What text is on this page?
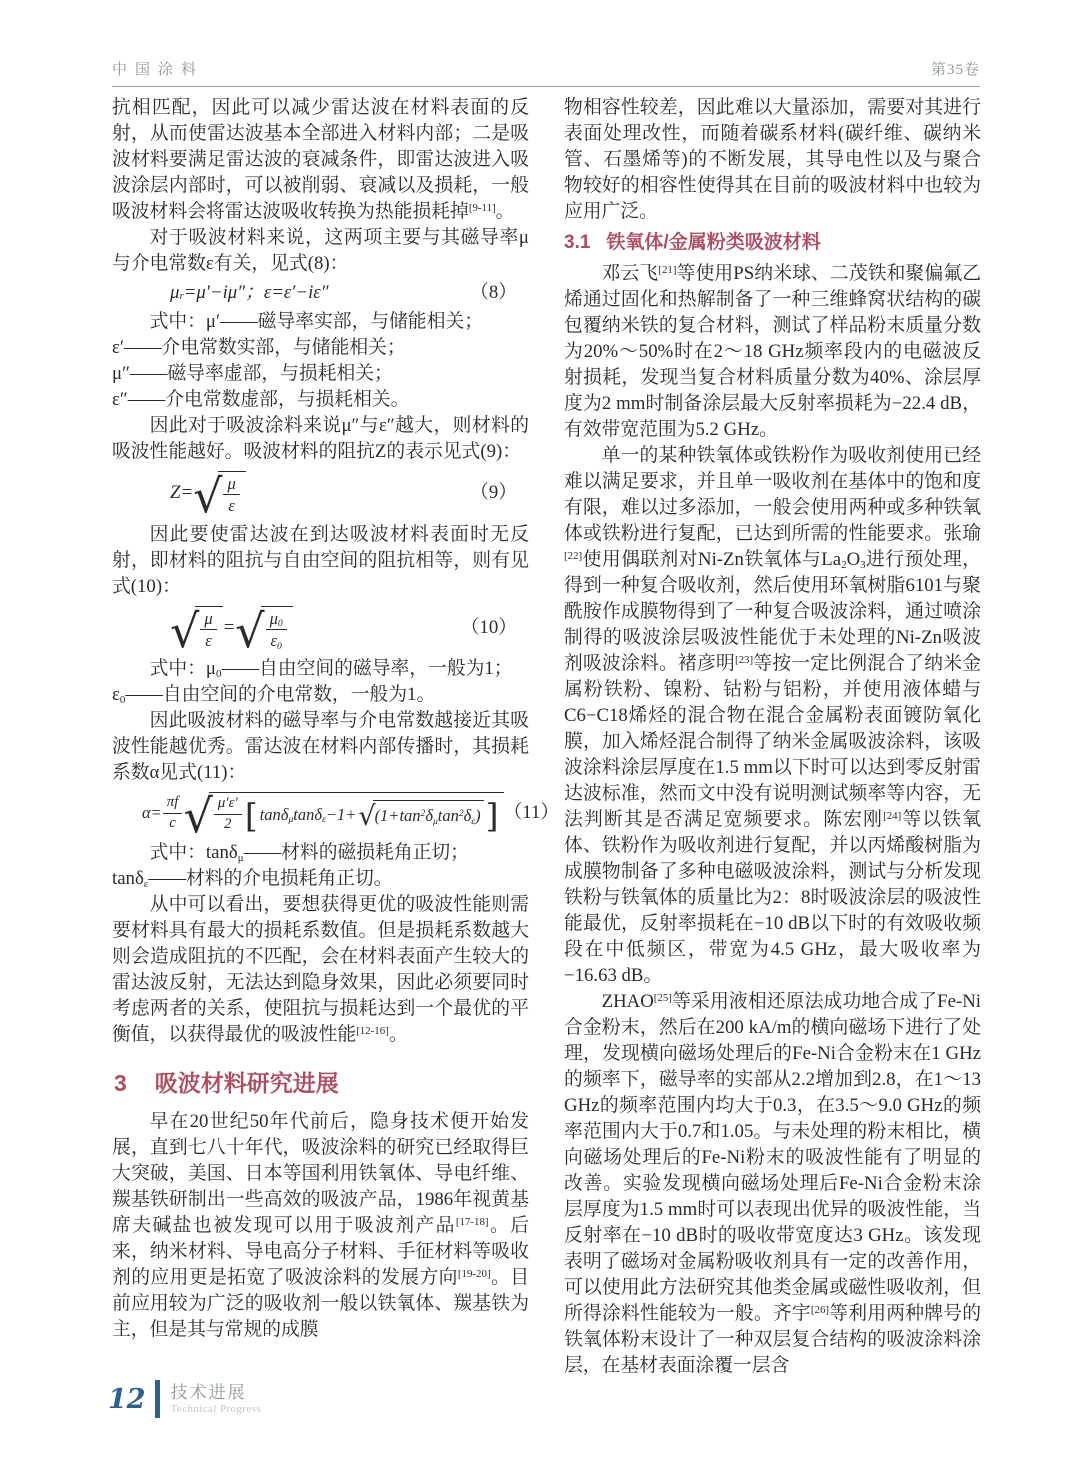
中国涂料	第35卷

抗相匹配，因此可以减少雷达波在材料表面的反射，从而使雷达波基本全部进入材料内部；二是吸波材料要满足雷达波的衰减条件，即雷达波进入吸波涂层内部时，可以被削弱、衰减以及损耗，一般吸波材料会将雷达波吸收转换为热能损耗掉[9-11]。

对于吸波材料来说，这两项主要与其磁导率μ与介电常数ε有关，见式(8)：

$\mu_r =\mu'-i\mu''$；ε=ε′−iε″	（8）

式中：μ′——磁导率实部，与储能相关；

ε′——介电常数实部，与储能相关；

μ″——磁导率虚部，与损耗相关；

ε″——介电常数虚部，与损耗相关。

因此对于吸波涂料来说μ″与ε″越大，则材料的吸波性能越好。吸波材料的阻抗Z的表示见式(9)：

Z= √ $\frac{\mu}{\varepsilon}$	（9）

因此要使雷达波在到达吸波材料表面时无反射，即材料的阻抗与自由空间的阻抗相等，则有见式(10)：

√ $\frac{\mu}{\varepsilon}$ = √ $\frac{\mu_0}{\varepsilon_0}$	（10）

式中：$\mu_0——$自由空间的磁导率，一般为1；

$\varepsilon_0——$自由空间的介电常数，一般为1。

因此吸波材料的磁导率与介电常数越接近其吸波性能越优秀。雷达波在材料内部传播时，其损耗系数α见式(11)：

$\alpha= \frac{\pi f}{c}$ √ $\frac{\mu'\varepsilon'}{2}$ [ tanδ$_\mu$tanδ$_\varepsilon$−1+ √ $(1+\tan^2\delta_\mu\tan^2\delta_\varepsilon)$ ] （11）

式中：tanδ$_\mu$——材料的磁损耗角正切；

tanδ$_\varepsilon$——材料的介电损耗角正切。

从中可以看出，要想获得更优的吸波性能则需要材料具有最大的损耗系数值。但是损耗系数越大则会造成阻抗的不匹配，会在材料表面产生较大的雷达波反射，无法达到隐身效果，因此必须要同时考虑两者的关系，使阻抗与损耗达到一个最优的平衡值，以获得最优的吸波性能[12-16]。

3 吸波材料研究进展

早在20世纪50年代前后，隐身技术便开始发展，直到七八十年代，吸波涂料的研究已经取得巨大突破，美国、日本等国利用铁氧体、导电纤维、羰基铁研制出一些高效的吸波产品，1986年视黄基席夫碱盐也被发现可以用于吸波剂产品[17-18]。后来，纳米材料、导电高分子材料、手征材料等吸收剂的应用更是拓宽了吸波涂料的发展方向[19-20]。目前应用较为广泛的吸收剂一般以铁氧体、羰基铁为主，但是其与常规的成膜

物相容性较差，因此难以大量添加，需要对其进行表面处理改性，而随着碳系材料(碳纤维、碳纳米管、石墨烯等)的不断发展，其导电性以及与聚合物较好的相容性使得其在目前的吸波材料中也较为应用广泛。

3.1 铁氧体/金属粉类吸波材料

邓云飞[21]等使用PS纳米球、二茂铁和聚偏氟乙烯通过固化和热解制备了一种三维蜂窝状结构的碳包覆纳米铁的复合材料，测试了样品粉末质量分数为20%～50%时在2～18 GHz频率段内的电磁波反射损耗，发现当复合材料质量分数为40%、涂层厚度为2 mm时制备涂层最大反射率损耗为−22.4 dB，有效带宽范围为5.2 GHz。

单一的某种铁氧体或铁粉作为吸收剂使用已经难以满足要求，并且单一吸收剂在基体中的饱和度有限，难以过多添加，一般会使用两种或多种铁氧体或铁粉进行复配，已达到所需的性能要求。张瑜[22]使用偶联剂对Ni-Zn铁氧体与$La_2O_3$进行预处理，得到一种复合吸收剂，然后使用环氧树脂6101与聚酰胺作成膜物得到了一种复合吸波涂料，通过喷涂制得的吸波涂层吸波性能优于未处理的Ni-Zn吸波剂吸波涂料。褚彦明[23]等按一定比例混合了纳米金属粉铁粉、镍粉、钴粉与铝粉，并使用液体蜡与C6−C18烯烃的混合物在混合金属粉表面镀防氧化膜，加入烯烃混合制得了纳米金属吸波涂料，该吸波涂料涂层厚度在1.5 mm以下时可以达到零反射雷达波标准，然而文中没有说明测试频率等内容，无法判断其是否满足宽频要求。陈宏刚[24]等以铁氧体、铁粉作为吸收剂进行复配，并以丙烯酸树脂为成膜物制备了多种电磁吸波涂料，测试与分析发现铁粉与铁氧体的质量比为2：8时吸波涂层的吸波性能最优，反射率损耗在−10 dB以下时的有效吸收频段在中低频区，带宽为4.5 GHz，最大吸收率为−16.63 dB。

ZHAO[25]等采用液相还原法成功地合成了Fe-Ni合金粉末，然后在200 kA/m的横向磁场下进行了处理，发现横向磁场处理后的Fe-Ni合金粉末在1 GHz的频率下，磁导率的实部从2.2增加到2.8，在1～13 GHz的频率范围内均大于0.3，在3.5～9.0 GHz的频率范围内大于0.7和1.05。与未处理的粉末相比，横向磁场处理后的Fe-Ni粉末的吸波性能有了明显的改善。实验发现横向磁场处理后Fe-Ni合金粉末涂层厚度为1.5 mm时可以表现出优异的吸波性能，当反射率在−10 dB时的吸收带宽度达3 GHz。该发现表明了磁场对金属粉吸收剂具有一定的改善作用，可以使用此方法研究其他类金属或磁性吸收剂，但所得涂料性能较为一般。齐宇[26]等利用两种牌号的铁氧体粉末设计了一种双层复合结构的吸波涂料涂层，在基材表面涂覆一层含

12 技术进展
Technical Progress
